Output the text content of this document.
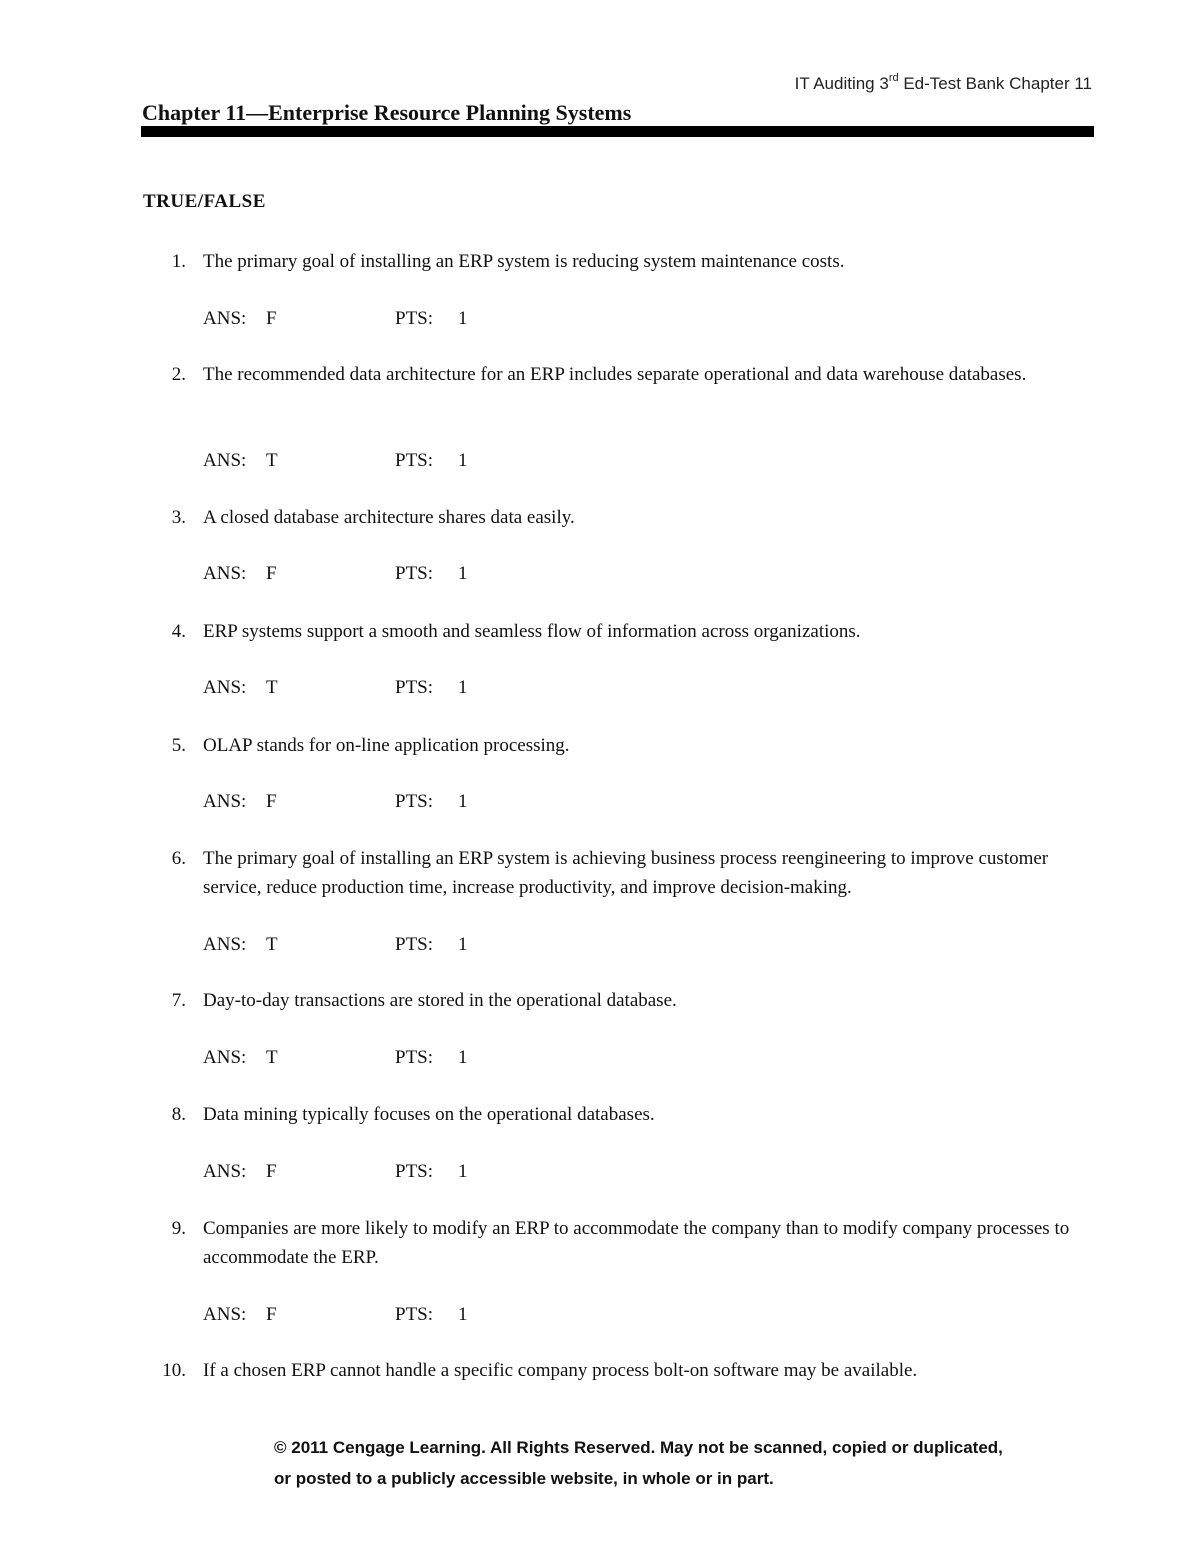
IT Auditing 3rd Ed-Test Bank Chapter 11
Chapter 11—Enterprise Resource Planning Systems
TRUE/FALSE
1. The primary goal of installing an ERP system is reducing system maintenance costs.
ANS: F	PTS: 1
2. The recommended data architecture for an ERP includes separate operational and data warehouse databases.
ANS: T	PTS: 1
3. A closed database architecture shares data easily.
ANS: F	PTS: 1
4. ERP systems support a smooth and seamless flow of information across organizations.
ANS: T	PTS: 1
5. OLAP stands for on-line application processing.
ANS: F	PTS: 1
6. The primary goal of installing an ERP system is achieving business process reengineering to improve customer service, reduce production time, increase productivity, and improve decision-making.
ANS: T	PTS: 1
7. Day-to-day transactions are stored in the operational database.
ANS: T	PTS: 1
8. Data mining typically focuses on the operational databases.
ANS: F	PTS: 1
9. Companies are more likely to modify an ERP to accommodate the company than to modify company processes to accommodate the ERP.
ANS: F	PTS: 1
10. If a chosen ERP cannot handle a specific company process bolt-on software may be available.
© 2011 Cengage Learning. All Rights Reserved. May not be scanned, copied or duplicated,
or posted to a publicly accessible website, in whole or in part.
